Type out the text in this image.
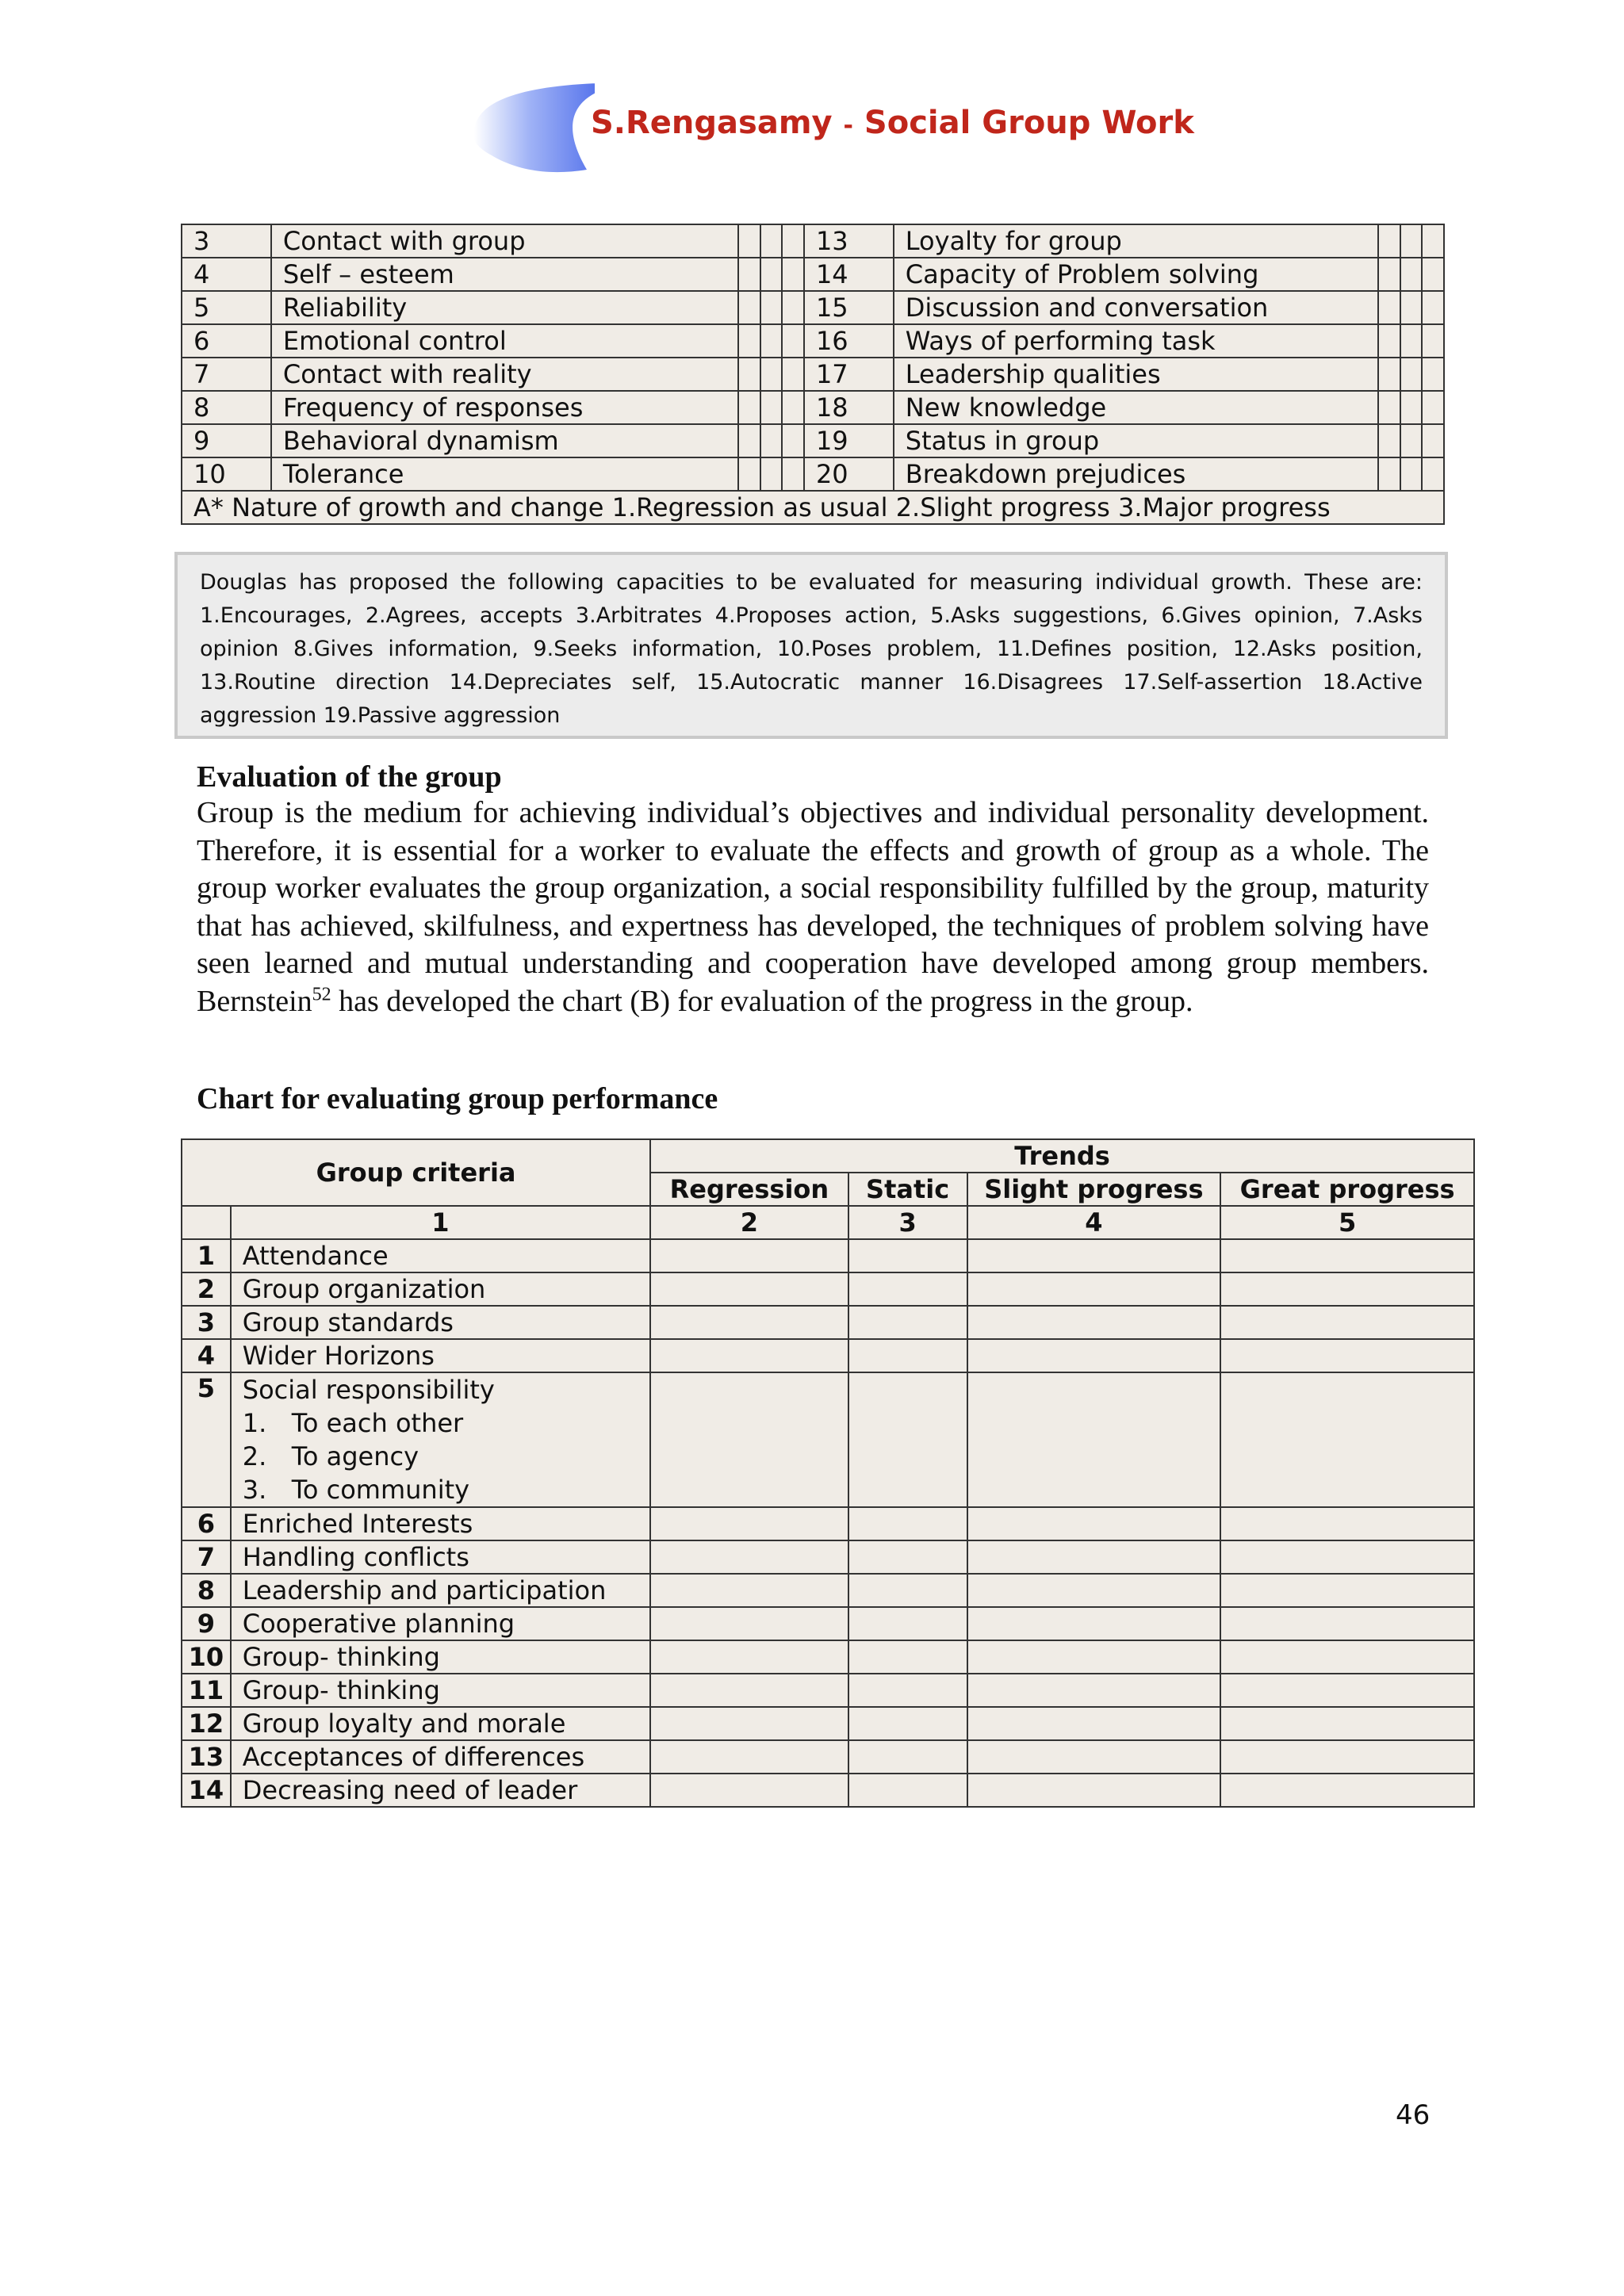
S.Rengasamy - Social Group Work
3	Contact with group				13	Loyalty for group			
4	Self – esteem				14	Capacity of Problem solving			
5	Reliability				15	Discussion and conversation			
6	Emotional control				16	Ways of performing task			
7	Contact with reality				17	Leadership qualities			
8	Frequency of responses				18	New knowledge			
9	Behavioral dynamism				19	Status in group			
10	Tolerance				20	Breakdown prejudices			
A* Nature of growth and change 1.Regression as usual 2.Slight progress 3.Major progress									
Douglas has proposed the following capacities to be evaluated for measuring individual growth. These are: 1.Encourages, 2.Agrees, accepts 3.Arbitrates 4.Proposes action, 5.Asks suggestions, 6.Gives opinion, 7.Asks opinion 8.Gives information, 9.Seeks information, 10.Poses problem, 11.Defines position, 12.Asks position, 13.Routine direction 14.Depreciates self, 15.Autocratic manner 16.Disagrees 17.Self-assertion 18.Active aggression 19.Passive aggression
Evaluation of the group
Group is the medium for achieving individual’s objectives and individual personality development. Therefore, it is essential for a worker to evaluate the effects and growth of group as a whole. The group worker evaluates the group organization, a social responsibility fulfilled by the group, maturity that has achieved, skilfulness, and expertness has developed, the techniques of problem solving have seen learned and mutual understanding and cooperation have developed among group members. Bernstein$^{52}$ has developed the chart (B) for evaluation of the progress in the group.
Chart for evaluating group performance
Group criteria		Trends			
		Regression	Static	Slight progress	Great progress
	1	2	3	4	5
1	Attendance				

2	Group organization				

3	Group standards				

4	Wider Horizons				

5	Social responsibility
1. To each other
2. To agency
3. To community				

6	Enriched Interests				

7	Handling conflicts				

8	Leadership and participation				

9	Cooperative planning				

10	Group- thinking				

11	Group- thinking				

12	Group loyalty and morale				

13	Acceptances of differences				

14	Decreasing need of leader				

46
